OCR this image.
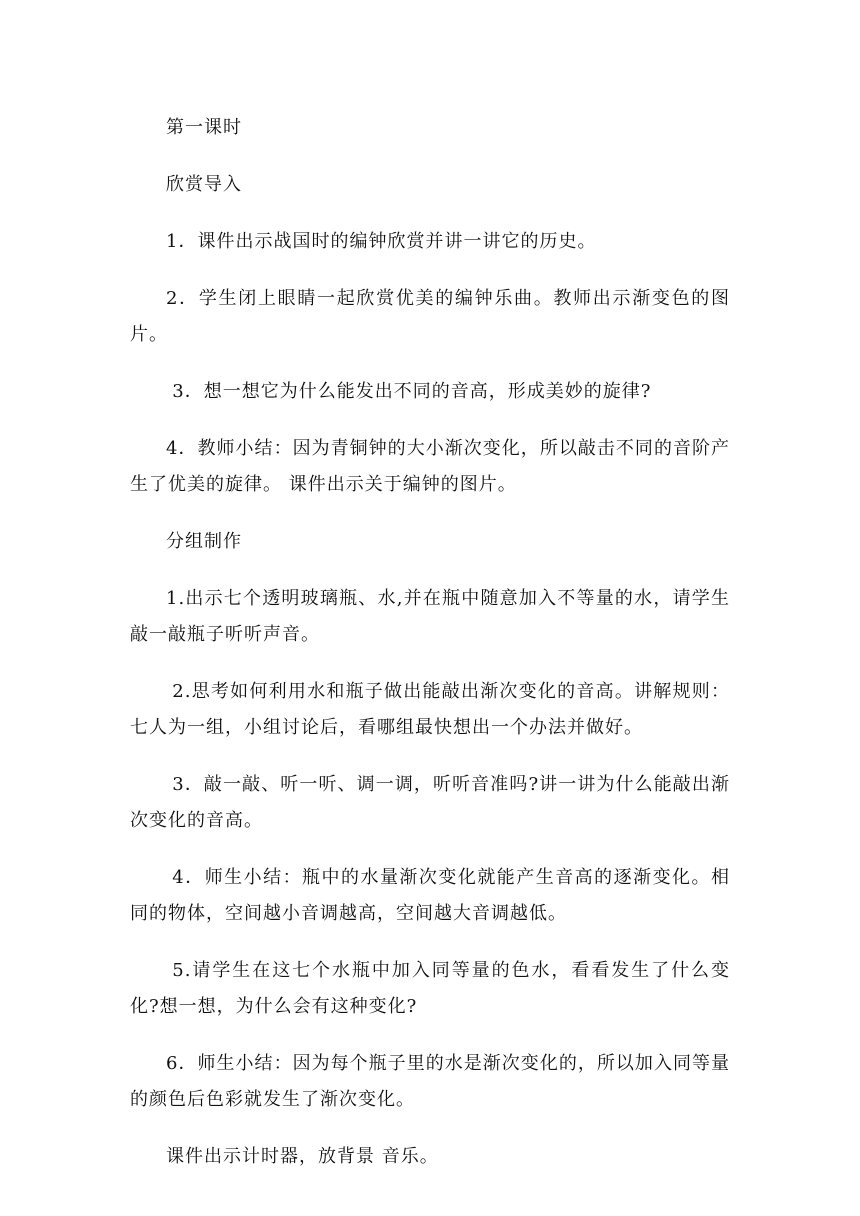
第一课时

欣赏导入

1．课件出示战国时的编钟欣赏并讲一讲它的历史。

2．学生闭上眼睛一起欣赏优美的编钟乐曲。教师出示渐变色的图片。

3．想一想它为什么能发出不同的音高，形成美妙的旋律?

4．教师小结：因为青铜钟的大小渐次变化，所以敲击不同的音阶产生了优美的旋律。 课件出示关于编钟的图片。

分组制作

1.出示七个透明玻璃瓶、水,并在瓶中随意加入不等量的水，请学生敲一敲瓶子听听声音。

2.思考如何利用水和瓶子做出能敲出渐次变化的音高。讲解规则：七人为一组，小组讨论后，看哪组最快想出一个办法并做好。

3．敲一敲、听一听、调一调，听听音准吗?讲一讲为什么能敲出渐次变化的音高。

4．师生小结：瓶中的水量渐次变化就能产生音高的逐渐变化。相同的物体，空间越小音调越高，空间越大音调越低。

5.请学生在这七个水瓶中加入同等量的色水，看看发生了什么变化?想一想，为什么会有这种变化?

6．师生小结：因为每个瓶子里的水是渐次变化的，所以加入同等量的颜色后色彩就发生了渐次变化。

课件出示计时器，放背景 音乐。
